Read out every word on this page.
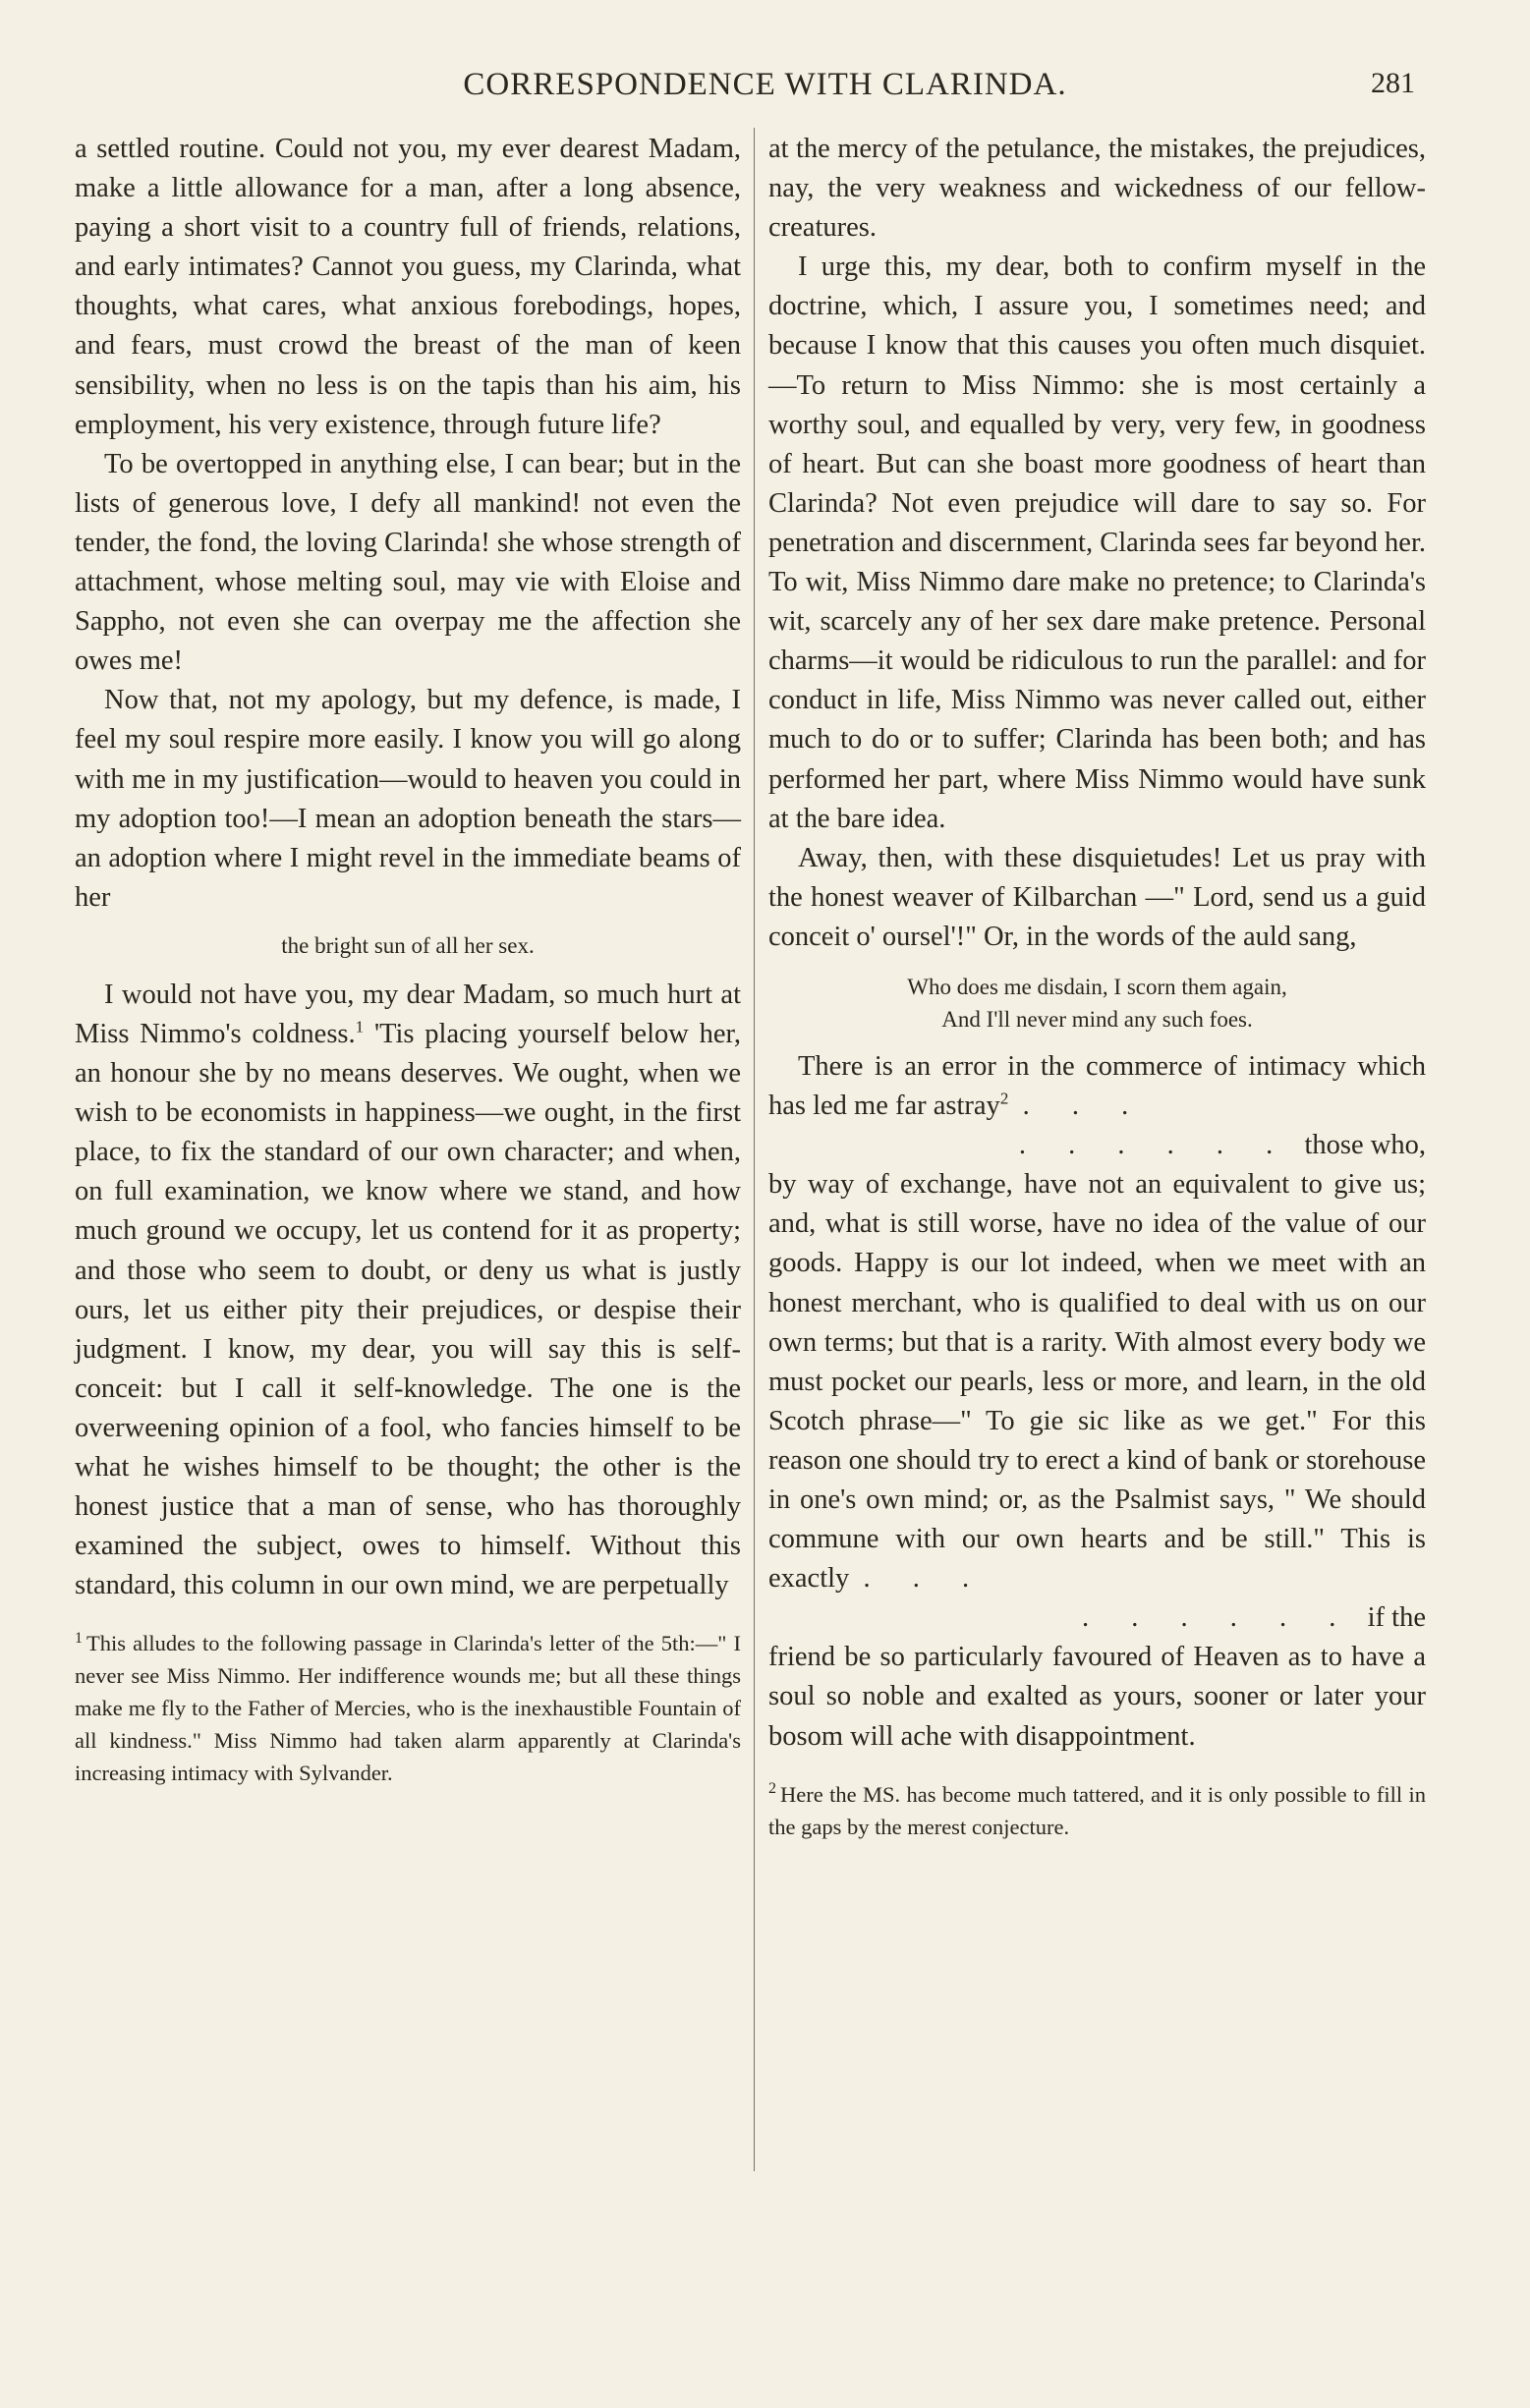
CORRESPONDENCE WITH CLARINDA.	281

a settled routine. Could not you, my ever dearest Madam, make a little allowance for a man, after a long absence, paying a short visit to a country full of friends, relations, and early intimates? Cannot you guess, my Clarinda, what thoughts, what cares, what anxious forebodings, hopes, and fears, must crowd the breast of the man of keen sensibility, when no less is on the tapis than his aim, his employment, his very existence, through future life?

To be overtopped in anything else, I can bear; but in the lists of generous love, I defy all mankind! not even the tender, the fond, the loving Clarinda! she whose strength of attachment, whose melting soul, may vie with Eloise and Sappho, not even she can overpay me the affection she owes me!

Now that, not my apology, but my defence, is made, I feel my soul respire more easily. I know you will go along with me in my justification—would to heaven you could in my adoption too!—I mean an adoption beneath the stars—an adoption where I might revel in the immediate beams of her

the bright sun of all her sex.

I would not have you, my dear Madam, so much hurt at Miss Nimmo's coldness.$^1$ 'Tis placing yourself below her, an honour she by no means deserves. We ought, when we wish to be economists in happiness—we ought, in the first place, to fix the standard of our own character; and when, on full examination, we know where we stand, and how much ground we occupy, let us contend for it as property; and those who seem to doubt, or deny us what is justly ours, let us either pity their prejudices, or despise their judgment. I know, my dear, you will say this is self-conceit: but I call it self-knowledge. The one is the overweening opinion of a fool, who fancies himself to be what he wishes himself to be thought; the other is the honest justice that a man of sense, who has thoroughly examined the subject, owes to himself. Without this standard, this column in our own mind, we are perpetually

$^1$ This alludes to the following passage in Clarinda's letter of the 5th:—" I never see Miss Nimmo. Her indifference wounds me; but all these things make me fly to the Father of Mercies, who is the inexhaustible Fountain of all kindness." Miss Nimmo had taken alarm apparently at Clarinda's increasing intimacy with Sylvander.

at the mercy of the petulance, the mistakes, the prejudices, nay, the very weakness and wickedness of our fellow-creatures.

I urge this, my dear, both to confirm myself in the doctrine, which, I assure you, I sometimes need; and because I know that this causes you often much disquiet.—To return to Miss Nimmo: she is most certainly a worthy soul, and equalled by very, very few, in goodness of heart. But can she boast more goodness of heart than Clarinda? Not even prejudice will dare to say so. For penetration and discernment, Clarinda sees far beyond her. To wit, Miss Nimmo dare make no pretence; to Clarinda's wit, scarcely any of her sex dare make pretence. Personal charms—it would be ridiculous to run the parallel: and for conduct in life, Miss Nimmo was never called out, either much to do or to suffer; Clarinda has been both; and has performed her part, where Miss Nimmo would have sunk at the bare idea.

Away, then, with these disquietudes! Let us pray with the honest weaver of Kilbarchan —" Lord, send us a guid conceit o' oursel'!" Or, in the words of the auld sang,

Who does me disdain, I scorn them again,
And I'll never mind any such foes.

There is an error in the commerce of intimacy which has led me far astray$^2$ . . .

. . . . . . those who,

by way of exchange, have not an equivalent to give us; and, what is still worse, have no idea of the value of our goods. Happy is our lot indeed, when we meet with an honest merchant, who is qualified to deal with us on our own terms; but that is a rarity. With almost every body we must pocket our pearls, less or more, and learn, in the old Scotch phrase—" To gie sic like as we get." For this reason one should try to erect a kind of bank or storehouse in one's own mind; or, as the Psalmist says, " We should commune with our own hearts and be still." This is exactly . . .

. . . . . . if the

friend be so particularly favoured of Heaven as to have a soul so noble and exalted as yours, sooner or later your bosom will ache with disappointment.

$^2$ Here the MS. has become much tattered, and it is only possible to fill in the gaps by the merest conjecture.
